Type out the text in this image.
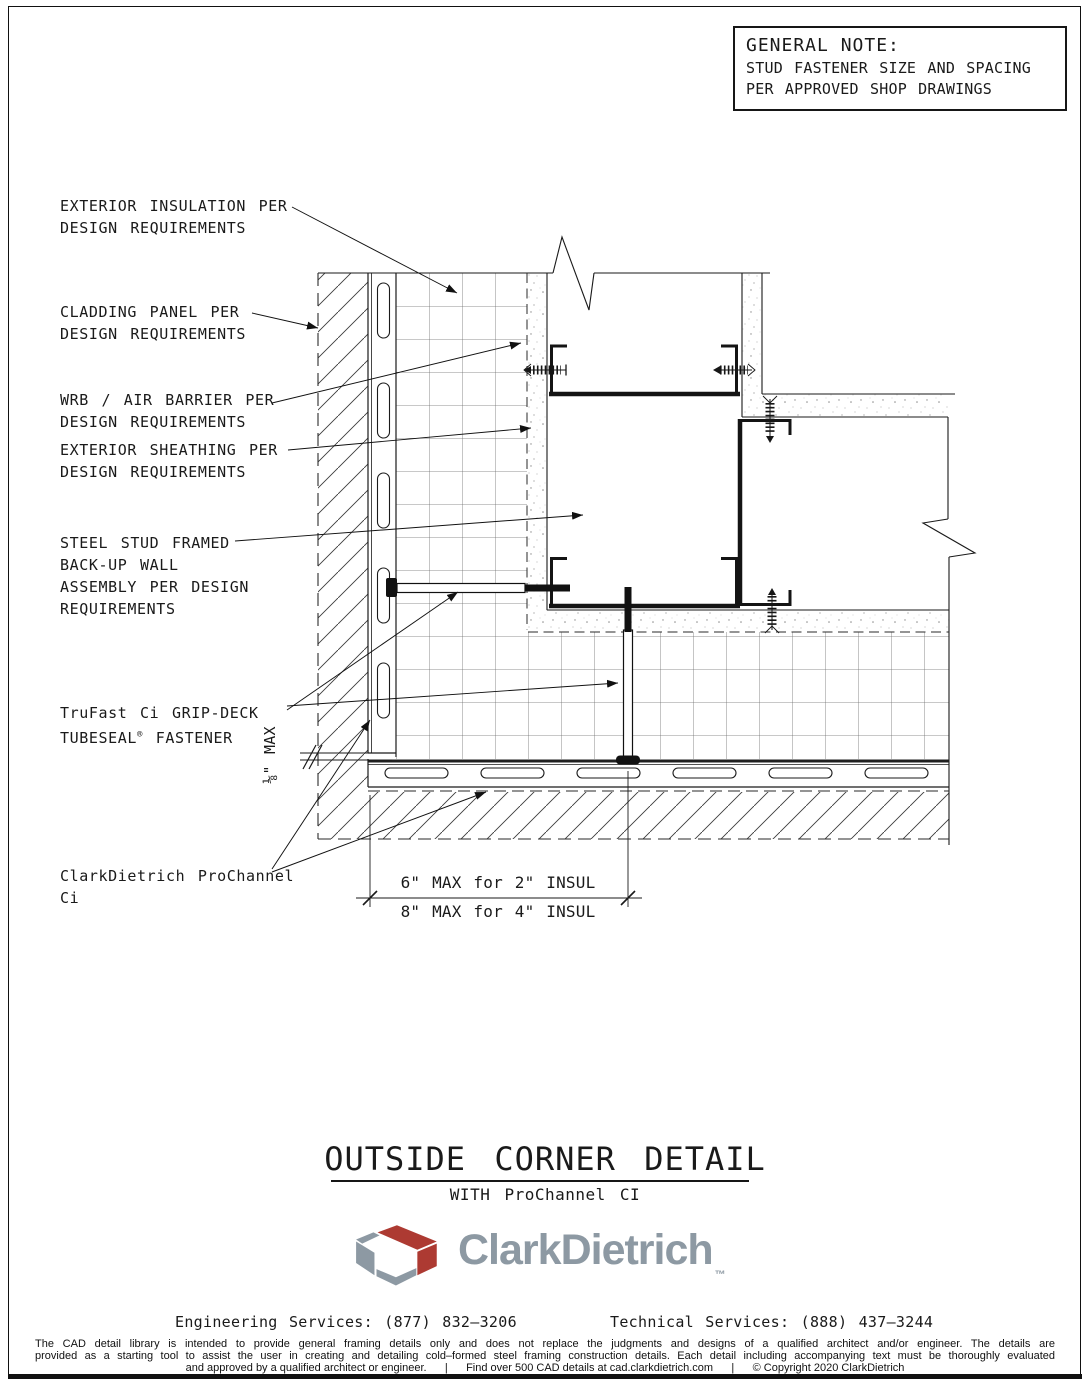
GENERAL NOTE:
STUD FASTENER SIZE AND SPACING
PER APPROVED SHOP DRAWINGS
EXTERIOR INSULATION PER
DESIGN REQUIREMENTS
CLADDING PANEL PER
DESIGN REQUIREMENTS
WRB / AIR BARRIER PER
DESIGN REQUIREMENTS
EXTERIOR SHEATHING PER
DESIGN REQUIREMENTS
STEEL STUD FRAMED
BACK-UP WALL
ASSEMBLY PER DESIGN
REQUIREMENTS
TruFast Ci GRIP-DECK
TUBESEAL® FASTENER
ClarkDietrich ProChannel
Ci
⅛" MAX
6" MAX for 2" INSUL
8" MAX for 4" INSUL
OUTSIDE CORNER DETAIL
WITH ProChannel CI
ClarkDietrich$_™$
Engineering Services: (877) 832–3206	Technical Services: (888) 437–3244
The CAD detail library is intended to provide general framing details only and does not replace the judgments and designs of a qualified architect and/or engineer. The details are
provided as a starting tool to assist the user in creating and detailing cold–formed steel framing construction details. Each detail including accompanying text must be thoroughly evaluated
and approved by a qualified architect or engineer.      |      Find over 500 CAD details at cad.clarkdietrich.com      |      © Copyright 2020 ClarkDietrich
